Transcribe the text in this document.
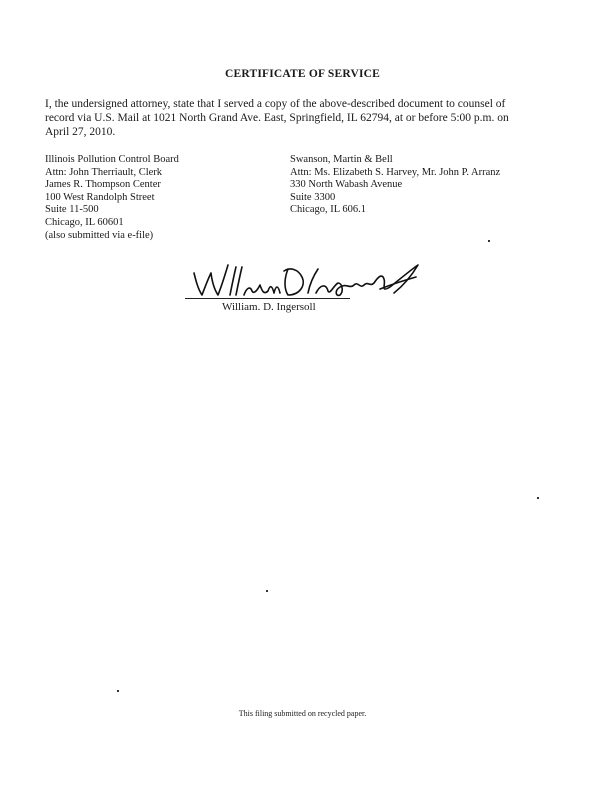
CERTIFICATE OF SERVICE
I, the undersigned attorney, state that I served a copy of the above-described document to counsel of
record via U.S. Mail at 1021 North Grand Ave. East, Springfield, IL 62794, at or before 5:00 p.m. on
April 27, 2010.
Illinois Pollution Control Board
Attn: John Therriault, Clerk
James R. Thompson Center
100 West Randolph Street
Suite 11-500
Chicago, IL 60601
(also submitted via e-file)
Swanson, Martin & Bell
Attn: Ms. Elizabeth S. Harvey, Mr. John P. Arranz
330 North Wabash Avenue
Suite 3300
Chicago, IL 606.1
William. D. Ingersoll
This filing submitted on recycled paper.
